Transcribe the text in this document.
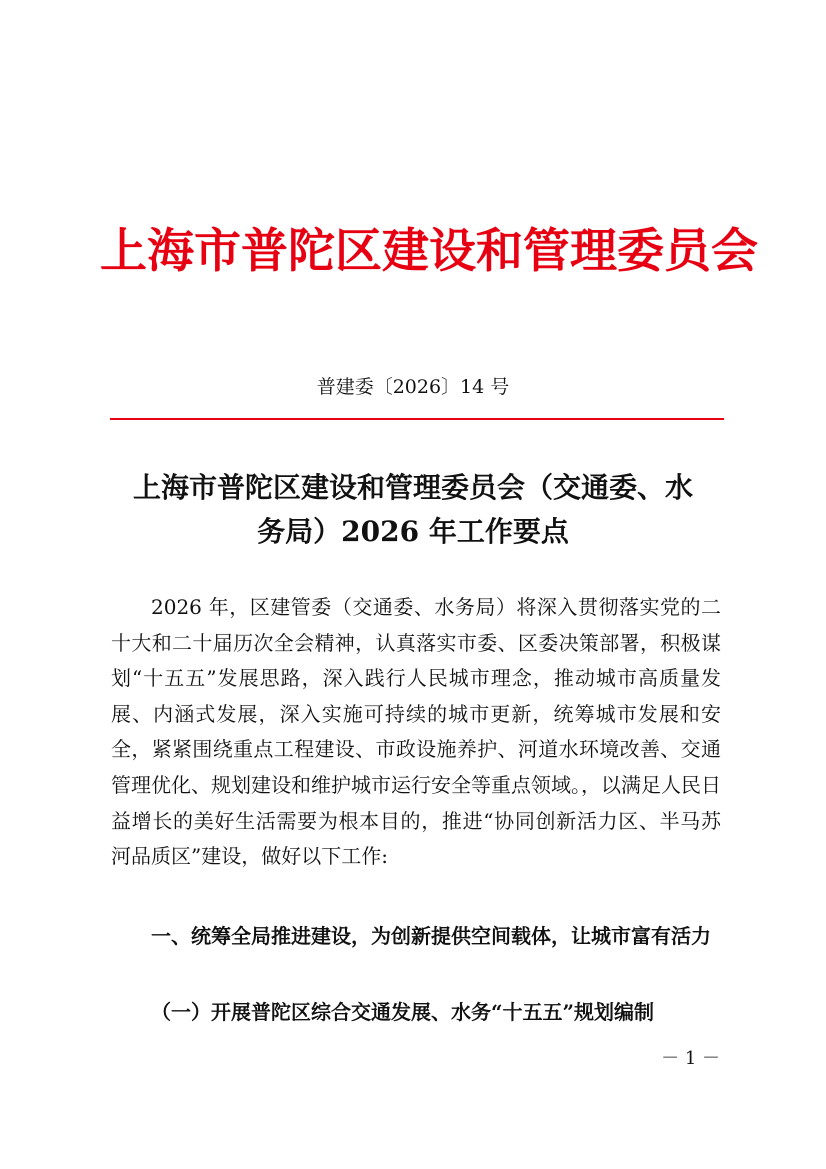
上海市普陀区建设和管理委员会
普建委〔2026〕14 号
上海市普陀区建设和管理委员会（交通委、水
务局）2026 年工作要点

2026 年，区建管委（交通委、水务局）将深入贯彻落实党的二十大和二十届历次全会精神，认真落实市委、区委决策部署，积极谋划“十五五”发展思路，深入践行人民城市理念，推动城市高质量发展、内涵式发展，深入实施可持续的城市更新，统筹城市发展和安全，紧紧围绕重点工程建设、市政设施养护、河道水环境改善、交通管理优化、规划建设和维护城市运行安全等重点领域。，以满足人民日益增长的美好生活需要为根本目的，推进“协同创新活力区、半马苏河品质区”建设，做好以下工作:

一、统筹全局推进建设，为创新提供空间载体，让城市富有活力

（一）开展普陀区综合交通发展、水务“十五五”规划编制

－ 1 －
